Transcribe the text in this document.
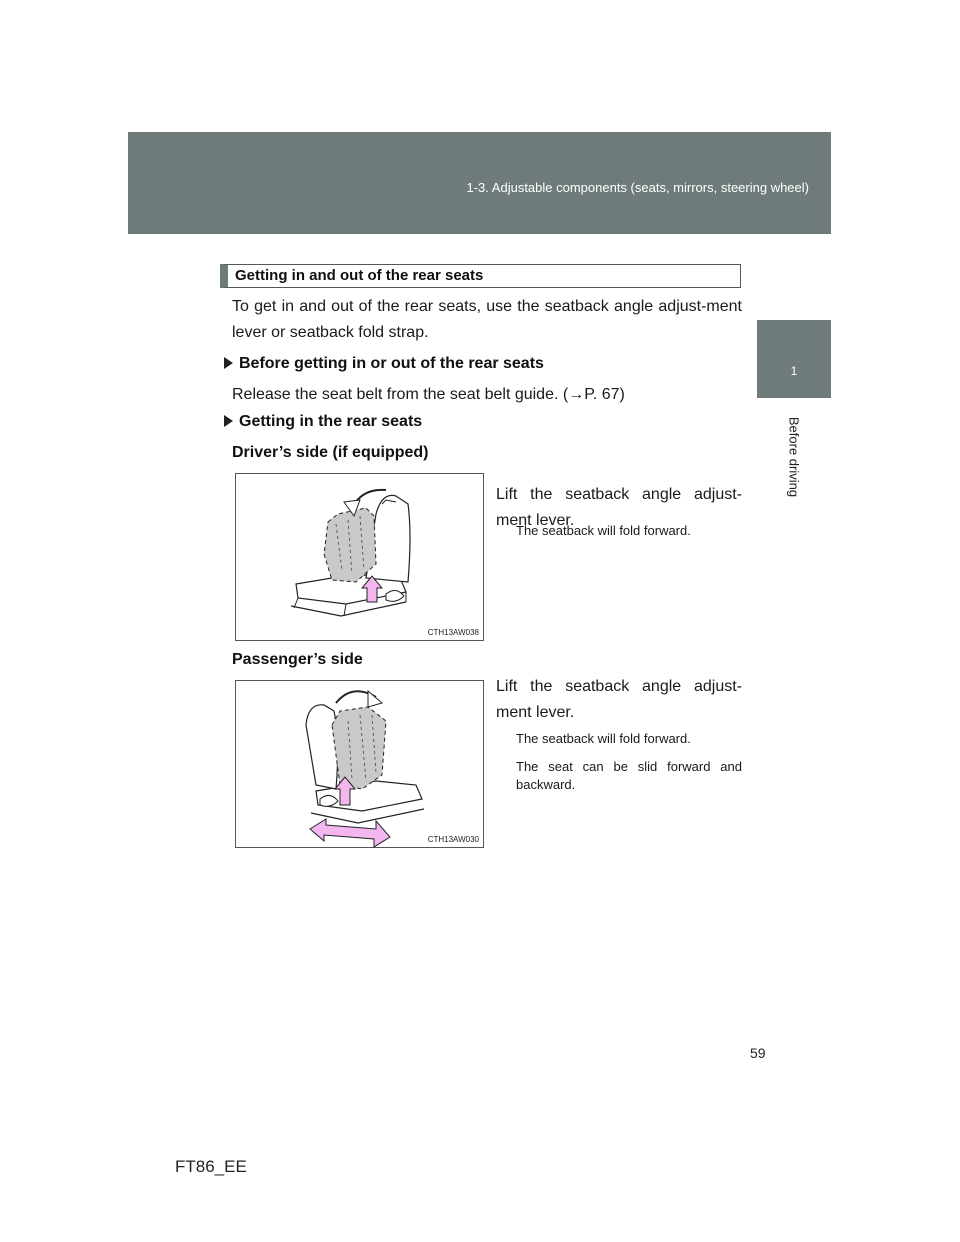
1-3. Adjustable components (seats, mirrors, steering wheel)
1
Before driving
Getting in and out of the rear seats
To get in and out of the rear seats, use the seatback angle adjust-ment lever or seatback fold strap.
Before getting in or out of the rear seats
Release the seat belt from the seat belt guide. (→P. 67)
Getting in the rear seats
Driver’s side (if equipped)
CTH13AW038
Lift the seatback angle adjust-ment lever.
The seatback will fold forward.
Passenger’s side
CTH13AW030
Lift the seatback angle adjust-ment lever.
The seatback will fold forward.
The seat can be slid forward and backward.
59
FT86_EE
